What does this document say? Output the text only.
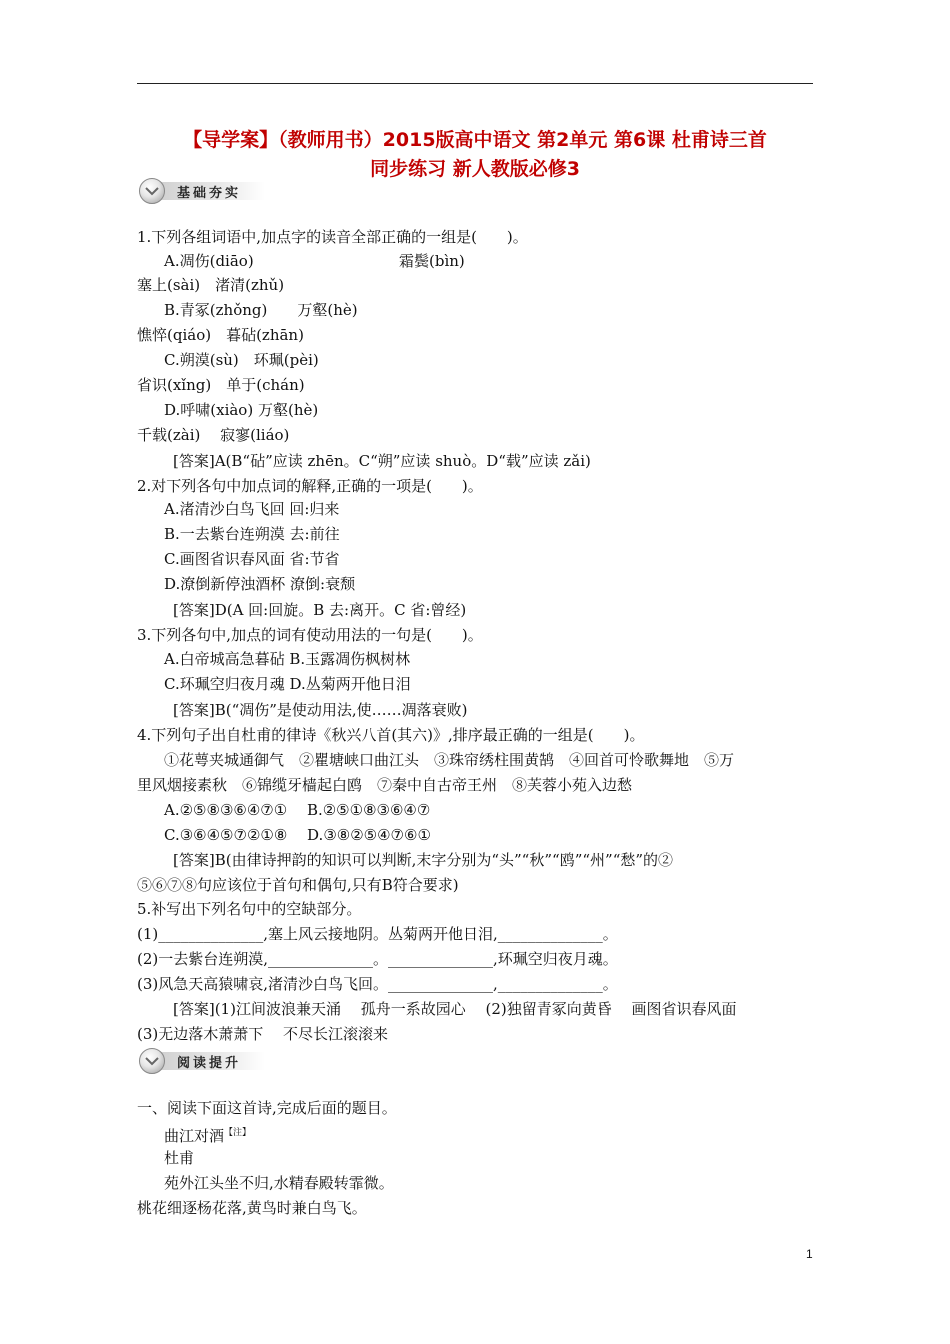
【导学案】（教师用书）2015版高中语文 第2单元 第6课 杜甫诗三首
同步练习 新人教版必修3
基础夯实
1.下列各组词语中,加点字的读音全部正确的一组是(　　)。
A.凋伤(diāo)	霜鬓(bìn)
塞上(sài)　渚清(zhǔ)
B.青冢(zhǒng)　　万壑(hè)
憔悴(qiáo)　暮砧(zhān)
C.朔漠(sù)　环珮(pèi)
省识(xǐng)　单于(chán)
D.呼啸(xiào) 万壑(hè)
千载(zài)　 寂寥(liáo)
[答案]A(B“砧”应读 zhēn。C“朔”应读 shuò。D“载”应读 zǎi)
2.对下列各句中加点词的解释,正确的一项是(　　)。
A.渚清沙白鸟飞回 回:归来
B.一去紫台连朔漠 去:前往
C.画图省识春风面 省:节省
D.潦倒新停浊酒杯 潦倒:衰颓
[答案]D(A 回:回旋。B 去:离开。C 省:曾经)
3.下列各句中,加点的词有使动用法的一句是(　　)。
A.白帝城高急暮砧 B.玉露凋伤枫树林
C.环珮空归夜月魂 D.丛菊两开他日泪
[答案]B(“凋伤”是使动用法,使……凋落衰败)
4.下列句子出自杜甫的律诗《秋兴八首(其六)》,排序最正确的一组是(　　)。
①花萼夹城通御气　②瞿塘峡口曲江头　③珠帘绣柱围黄鹄　④回首可怜歌舞地　⑤万
里风烟接素秋　⑥锦缆牙樯起白鸥　⑦秦中自古帝王州　⑧芙蓉小苑入边愁
A.②⑤⑧③⑥④⑦①　 B.②⑤①⑧③⑥④⑦
C.③⑥④⑤⑦②①⑧　 D.③⑧②⑤④⑦⑥①
[答案]B(由律诗押韵的知识可以判断,末字分别为“头”“秋”“鸥”“州”“愁”的②
⑤⑥⑦⑧句应该位于首句和偶句,只有B符合要求)
5.补写出下列名句中的空缺部分。
(1)______________,塞上风云接地阴。丛菊两开他日泪,______________。
(2)一去紫台连朔漠,______________。______________,环珮空归夜月魂。
(3)风急天高猿啸哀,渚清沙白鸟飞回。______________,______________。
[答案](1)江间波浪兼天涌　 孤舟一系故园心　 (2)独留青冢向黄昏　 画图省识春风面
(3)无边落木萧萧下　 不尽长江滚滚来
阅读提升
一、阅读下面这首诗,完成后面的题目。
曲江对酒$^{【注】}$
杜甫
苑外江头坐不归,水精春殿转霏微。
桃花细逐杨花落,黄鸟时兼白鸟飞。
1
